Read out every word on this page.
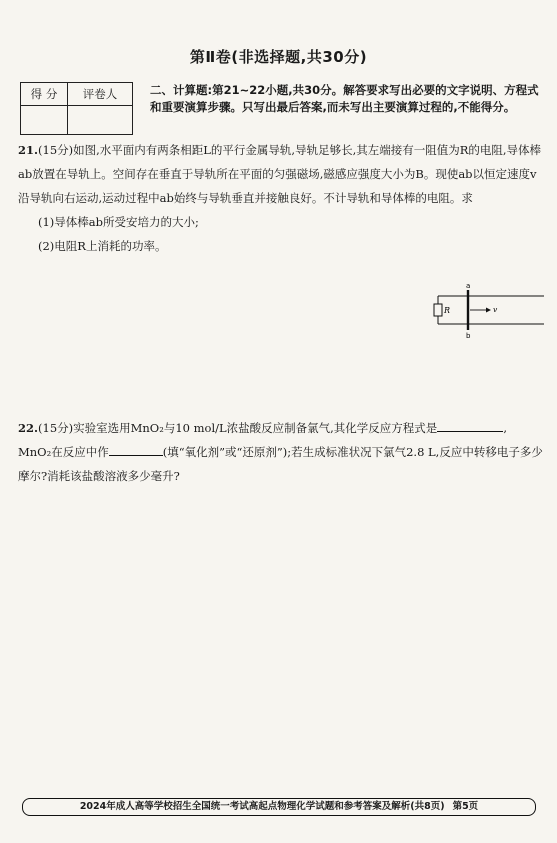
第Ⅱ卷(非选择题,共30分)
得 分	评卷人
		二、计算题:第21~22小题,共30分。解答要求写出必要的文字说明、方程式和重要演算步骤。只写出最后答案,而未写出主要演算过程的,不能得分。
21.(15分)如图,水平面内有两条相距L的平行金属导轨,导轨足够长,其左端接有一阻值为R的电阻,导体棒ab放置在导轨上。空间存在垂直于导轨所在平面的匀强磁场,磁感应强度大小为B。现使ab以恒定速度v沿导轨向右运动,运动过程中ab始终与导轨垂直并接触良好。不计导轨和导体棒的电阻。求
(1)导体棒ab所受安培力的大小;
(2)电阻R上消耗的功率。
R
a
b
v
22.(15分)实验室选用MnO₂与10 mol/L浓盐酸反应制备氯气,其化学反应方程式是	,
MnO₂在反应中作	(填“氧化剂”或“还原剂”);若生成标准状况下氯气2.8 L,反应中转移电子多少摩尔?消耗该盐酸溶液多少毫升?
2024年成人高等学校招生全国统一考试高起点物理化学试题和参考答案及解析(共8页) 第5页
